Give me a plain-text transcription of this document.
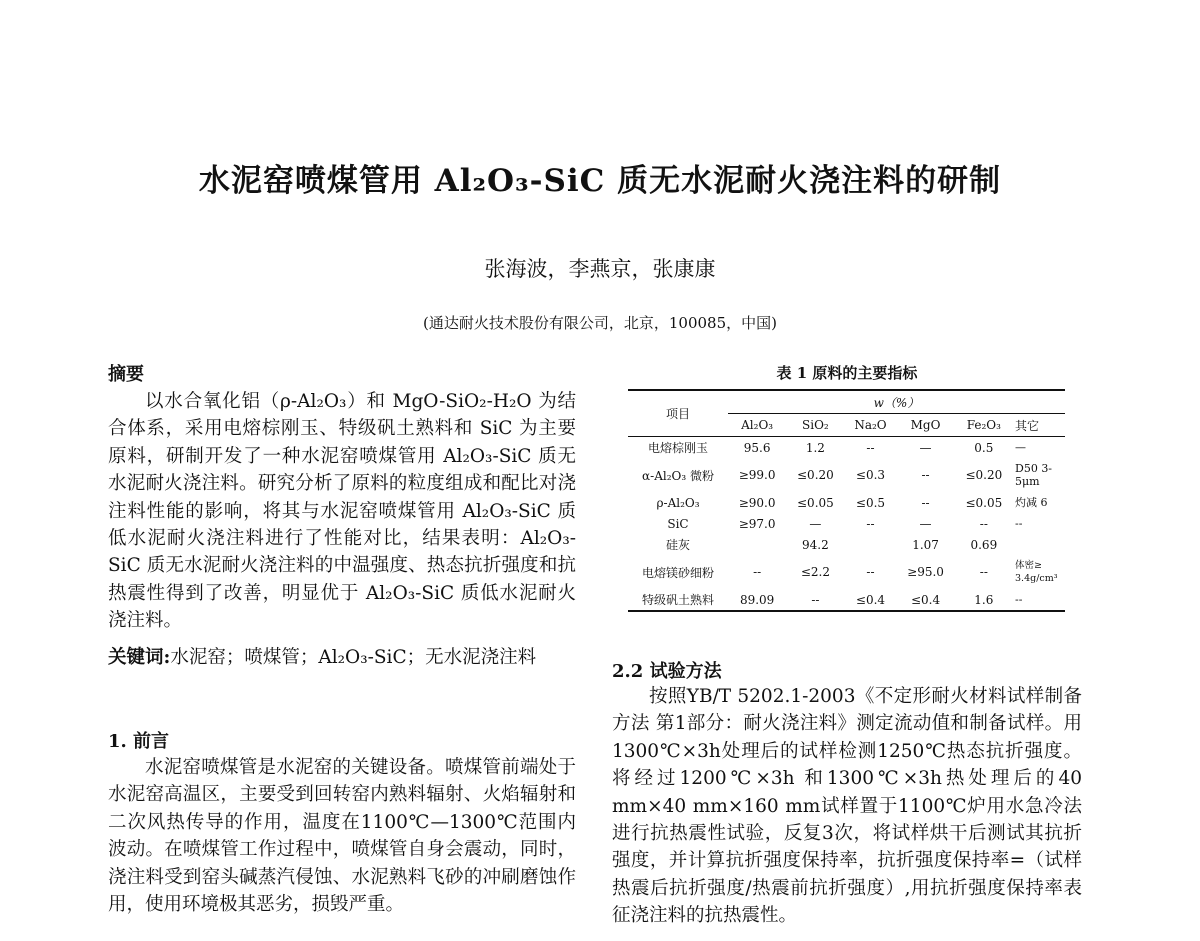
水泥窑喷煤管用 Al₂O₃-SiC 质无水泥耐火浇注料的研制
张海波，李燕京，张康康
(通达耐火技术股份有限公司，北京，100085，中国)
摘要

以水合氧化铝（ρ-Al₂O₃）和 MgO-SiO₂-H₂O 为结合体系，采用电熔棕刚玉、特级矾土熟料和 SiC 为主要原料，研制开发了一种水泥窑喷煤管用 Al₂O₃-SiC 质无水泥耐火浇注料。研究分析了原料的粒度组成和配比对浇注料性能的影响，将其与水泥窑喷煤管用 Al₂O₃-SiC 质低水泥耐火浇注料进行了性能对比，结果表明：Al₂O₃-SiC 质无水泥耐火浇注料的中温强度、热态抗折强度和抗热震性得到了改善，明显优于 Al₂O₃-SiC 质低水泥耐火浇注料。

关键词:水泥窑；喷煤管；Al₂O₃-SiC；无水泥浇注料

1. 前言

水泥窑喷煤管是水泥窑的关键设备。喷煤管前端处于水泥窑高温区，主要受到回转窑内熟料辐射、火焰辐射和二次风热传导的作用，温度在1100℃—1300℃范围内波动。在喷煤管工作过程中，喷煤管自身会震动，同时，浇注料受到窑头碱蒸汽侵蚀、水泥熟料飞砂的冲刷磨蚀作用，使用环境极其恶劣，损毁严重。

表 1 原料的主要指标
项目	w（%）					
	Al₂O₃	SiO₂	Na₂O	MgO	Fe₂O₃	其它
电熔棕刚玉	95.6	1.2	--	—	0.5	—
α-Al₂O₃ 微粉	≥99.0	≤0.20	≤0.3	--	≤0.20	D50 3-5μm
ρ-Al₂O₃	≥90.0	≤0.05	≤0.5	--	≤0.05	灼减 6
SiC	≥97.0	—	--	—	--	--
硅灰		94.2		1.07	0.69	
电熔镁砂细粉	--	≤2.2	--	≥95.0	--	体密≥ 3.4g/cm³
特级矾土熟料	89.09	--	≤0.4	≤0.4	1.6	--
2.2 试验方法

按照YB/T 5202.1-2003《不定形耐火材料试样制备方法 第1部分：耐火浇注料》测定流动值和制备试样。用1300℃×3h处理后的试样检测1250℃热态抗折强度。将经过1200℃×3h 和1300℃×3h热处理后的40 mm×40 mm×160 mm试样置于1100℃炉用水急冷法进行抗热震性试验，反复3次，将试样烘干后测试其抗折强度，并计算抗折强度保持率，抗折强度保持率=（试样热震后抗折强度/热震前抗折强度）,用抗折强度保持率表征浇注料的抗热震性。
